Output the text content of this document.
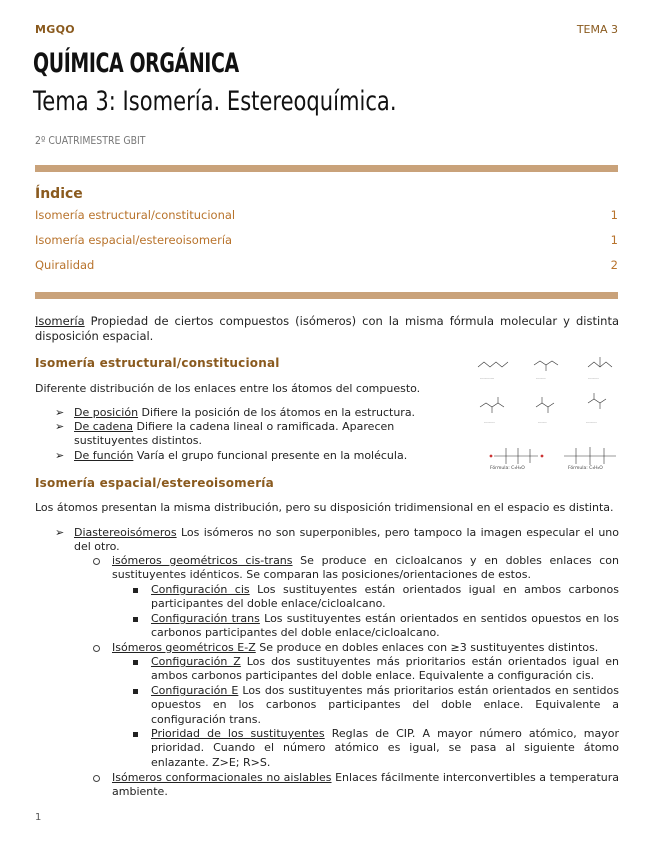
MGQO	TEMA 3
QUÍMICA ORGÁNICA
Tema 3: Isomería. Estereoquímica.
2º CUATRIMESTRE GBIT
Índice
Isomería estructural/constitucional	1
Isomería espacial/estereoisomería	1
Quiralidad	2
Isomería Propiedad de ciertos compuestos (isómeros) con la misma fórmula molecular y distinta disposición espacial.
Isomería estructural/constitucional
Diferente distribución de los enlaces entre los átomos del compuesto.
➢ De posición Difiere la posición de los átomos en la estructura.
➢ De cadena Difiere la cadena lineal o ramificada. Aparecen sustituyentes distintos.
➢ De función Varía el grupo funcional presente en la molécula.
-------------	---------	----------
----------	--------	----------
Fórmula: C₃H₆O	Fórmula: C₃H₆O
Isomería espacial/estereoisomería
Los átomos presentan la misma distribución, pero su disposición tridimensional en el espacio es distinta.
➢ Diastereoisómeros Los isómeros no son superponibles, pero tampoco la imagen especular el uno del otro.
isómeros geométricos cis-trans Se produce en cicloalcanos y en dobles enlaces con sustituyentes idénticos. Se comparan las posiciones/orientaciones de estos.
Configuración cis Los sustituyentes están orientados igual en ambos carbonos participantes del doble enlace/cicloalcano.
Configuración trans Los sustituyentes están orientados en sentidos opuestos en los carbonos participantes del doble enlace/cicloalcano.
Isómeros geométricos E-Z Se produce en dobles enlaces con ≥3 sustituyentes distintos.
Configuración Z Los dos sustituyentes más prioritarios están orientados igual en ambos carbonos participantes del doble enlace. Equivalente a configuración cis.
Configuración E Los dos sustituyentes más prioritarios están orientados en sentidos opuestos en los carbonos participantes del doble enlace. Equivalente a configuración trans.
Prioridad de los sustituyentes Reglas de CIP. A mayor número atómico, mayor prioridad. Cuando el número atómico es igual, se pasa al siguiente átomo enlazante. Z>E; R>S.
Isómeros conformacionales no aislables Enlaces fácilmente interconvertibles a temperatura ambiente.
1
